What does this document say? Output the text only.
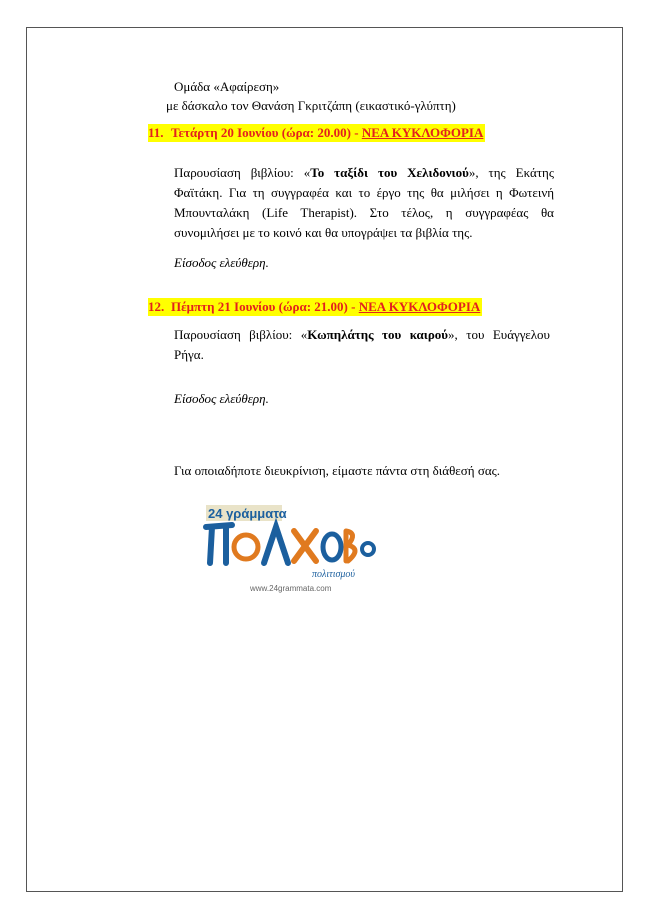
Ομάδα «Αφαίρεση»
με δάσκαλο τον Θανάση Γκριτζάπη (εικαστικό-γλύπτη)
11. Τετάρτη 20 Ιουνίου (ώρα: 20.00) - ΝΕΑ ΚΥΚΛΟΦΟΡΙΑ
Παρουσίαση βιβλίου: «Το ταξίδι του Χελιδονιού», της Εκάτης
Φαϊτάκη. Για τη συγγραφέα και το έργο της θα μιλήσει η Φωτεινή
Μπουνταλάκη (Life Therapist). Στο τέλος, η συγγραφέας θα
συνομιλήσει με το κοινό και θα υπογράψει τα βιβλία της.
Είσοδος ελεύθερη.
12. Πέμπτη 21 Ιουνίου (ώρα: 21.00) - ΝΕΑ ΚΥΚΛΟΦΟΡΙΑ
Παρουσίαση βιβλίου: «Κωπηλάτης του καιρού», του Ευάγγελου
Ρήγα.
Είσοδος ελεύθερη.
Για οποιαδήποτε διευκρίνιση, είμαστε πάντα στη διάθεσή σας.
24 γράμματα
πολιτισμού
www.24grammata.com
